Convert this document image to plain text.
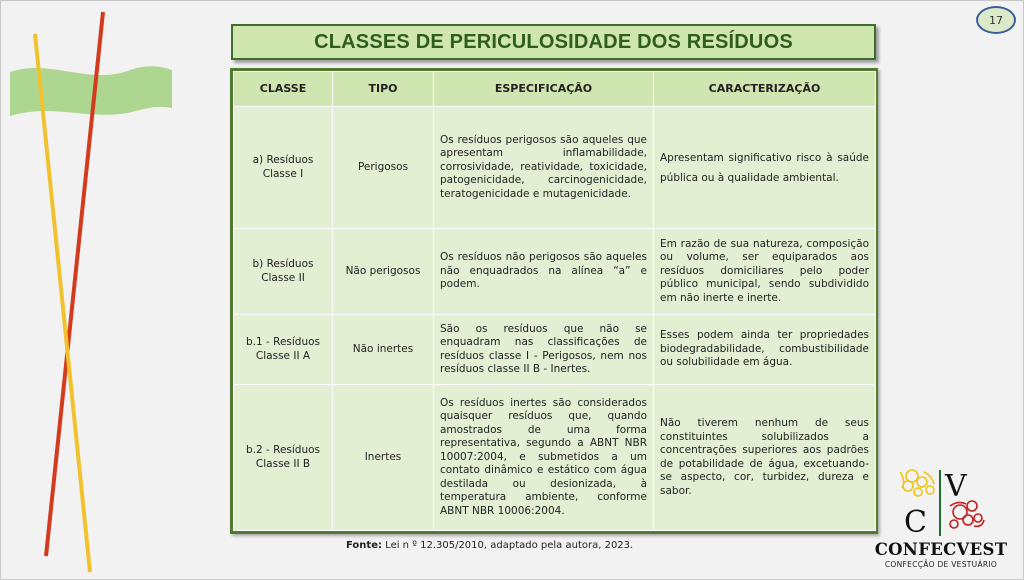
17
CLASSES DE PERICULOSIDADE DOS RESÍDUOS
CLASSE	TIPO	ESPECIFICAÇÃO	CARACTERIZAÇÃO
a) Resíduos Classe I	Perigosos	Os resíduos perigosos são aqueles que apresentam inflamabilidade, corrosividade, reatividade, toxicidade, patogenicidade, carcinogenicidade, teratogenicidade e mutagenicidade.	Apresentam significativo risco à saúde pública ou à qualidade ambiental.
b) Resíduos Classe II	Não perigosos	Os resíduos não perigosos são aqueles não enquadrados na alínea “a” e podem.	Em razão de sua natureza, composição ou volume, ser equiparados aos resíduos domiciliares pelo poder público municipal, sendo subdividido em não inerte e inerte.
b.1 - Resíduos Classe II A	Não inertes	São os resíduos que não se enquadram nas classificações de resíduos classe I - Perigosos, nem nos resíduos classe II B - Inertes.	Esses podem ainda ter propriedades biodegradabilidade, combustibilidade ou solubilidade em água.
b.2 - Resíduos Classe II B	Inertes	Os resíduos inertes são considerados quaisquer resíduos que, quando amostrados de uma forma representativa, segundo a ABNT NBR 10007:2004, e submetidos a um contato dinâmico e estático com água destilada ou desionizada, à temperatura ambiente, conforme ABNT NBR 10006:2004.	Não tiverem nenhum de seus constituintes solubilizados a concentrações superiores aos padrões de potabilidade de água, excetuando-se aspecto, cor, turbidez, dureza e sabor.
Fonte: Lei n º 12.305/2010, adaptado pela autora, 2023.
V
C
CONFECVEST
CONFECÇÃO DE VESTUÁRIO
